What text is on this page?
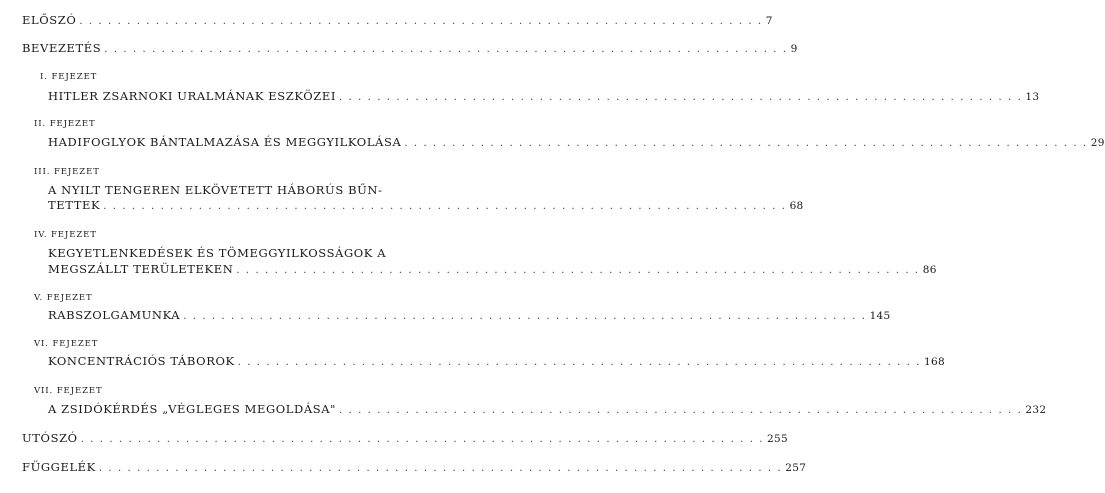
ELŐSZÓ . . . . . . . . . . . . . . . . . . . . . . . . . . . . . . . . . . . . . . . . . . . . . . . . . . . . . . . . . . . . . . . . . . . . . . . . 7
BEVEZETÉS . . . . . . . . . . . . . . . . . . . . . . . . . . . . . . . . . . . . . . . . . . . . . . . . . . . . . . . . . . . . . . . . . . . . . . . . 9
I. FEJEZET
HITLER ZSARNOKI URALMÁNAK ESZKÖZEI . . . . . . . . . . . . . . . . . . . . . . . . . . . . . . . . . . . . . . . . . . . . . . . . . . . . . . . . . . . . . . . . . . . . . . . . 13
II. FEJEZET
HADIFOGLYOK BÁNTALMAZÁSA ÉS MEGGYILKOLÁSA . . . . . . . . . . . . . . . . . . . . . . . . . . . . . . . . . . . . . . . . . . . . . . . . . . . . . . . . . . . . . . . . . . . . . . . . 29
III. FEJEZET
A NYILT TENGEREN ELKÖVETETT HÁBORÚS BŰN-
TETTEK . . . . . . . . . . . . . . . . . . . . . . . . . . . . . . . . . . . . . . . . . . . . . . . . . . . . . . . . . . . . . . . . . . . . . . . . 68
IV. FEJEZET
KEGYETLENKEDÉSEK ÉS TÖMEGGYILKOSSÁGOK A
MEGSZÁLLT TERÜLETEKEN . . . . . . . . . . . . . . . . . . . . . . . . . . . . . . . . . . . . . . . . . . . . . . . . . . . . . . . . . . . . . . . . . . . . . . . . 86
V. FEJEZET
RABSZOLGAMUNKA . . . . . . . . . . . . . . . . . . . . . . . . . . . . . . . . . . . . . . . . . . . . . . . . . . . . . . . . . . . . . . . . . . . . . . . . 145
VI. FEJEZET
KONCENTRÁCIÓS TÁBOROK . . . . . . . . . . . . . . . . . . . . . . . . . . . . . . . . . . . . . . . . . . . . . . . . . . . . . . . . . . . . . . . . . . . . . . . . 168
VII. FEJEZET
A ZSIDÓKÉRDÉS „VÉGLEGES MEGOLDÁSA" . . . . . . . . . . . . . . . . . . . . . . . . . . . . . . . . . . . . . . . . . . . . . . . . . . . . . . . . . . . . . . . . . . . . . . . . 232
UTÓSZÓ . . . . . . . . . . . . . . . . . . . . . . . . . . . . . . . . . . . . . . . . . . . . . . . . . . . . . . . . . . . . . . . . . . . . . . . . 255
FÜGGELÉK . . . . . . . . . . . . . . . . . . . . . . . . . . . . . . . . . . . . . . . . . . . . . . . . . . . . . . . . . . . . . . . . . . . . . . . . 257
